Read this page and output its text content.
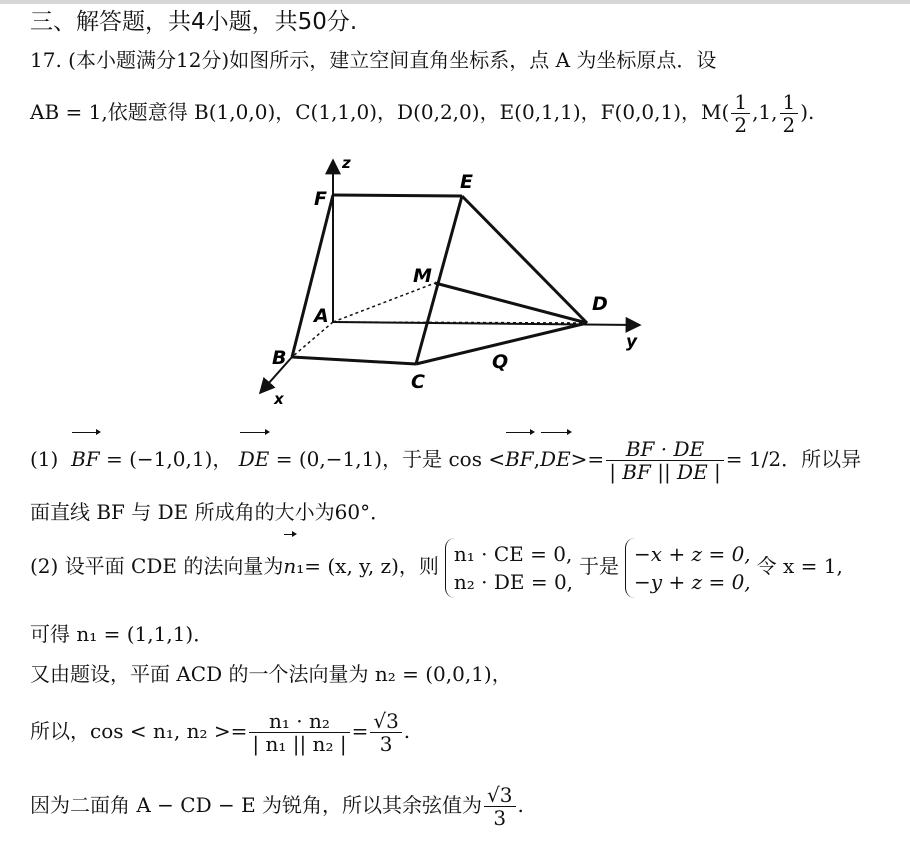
三、解答题，共4小题，共50分.
17. (本小题满分12分)如图所示，建立空间直角坐标系，点 A 为坐标原点．设
AB = 1,依题意得 B(1,0,0)，C(1,1,0)，D(0,2,0)，E(0,1,1)，F(0,0,1)，$M( \frac{1}{2} ,1$, $\frac{1}{2}$ ).
z
F
E
M
A
D
y
B
C
Q
x
(1) BF = (−1,0,1)， DE = (0,−1,1)，于是 $\cos <BF,DE>= \frac{BF \cdot DE}{| BF || DE |} = 1/2$．所以异
面直线 BF 与 DE 所成角的大小为60°．
(2) 设平面 CDE 的法向量为n₁= (x, y, z)，则
n₁ · CE = 0,
n₂ · DE = 0,
于是
−x + z = 0,
−y + z = 0,
令 x = 1,
可得 n₁ = (1,1,1)．
又由题设，平面 ACD 的一个法向量为 n₂ = (0,0,1)，
所以，cos < n₁, $n_2 >= \frac{\text{n₁ · n₂}}{\text{| n₁ || n₂ |}} = \frac{√3}{3}$ .
因为二面角 A − CD − E 为锐角，所以其余弦值为 $\frac{√3}{3}$ .
